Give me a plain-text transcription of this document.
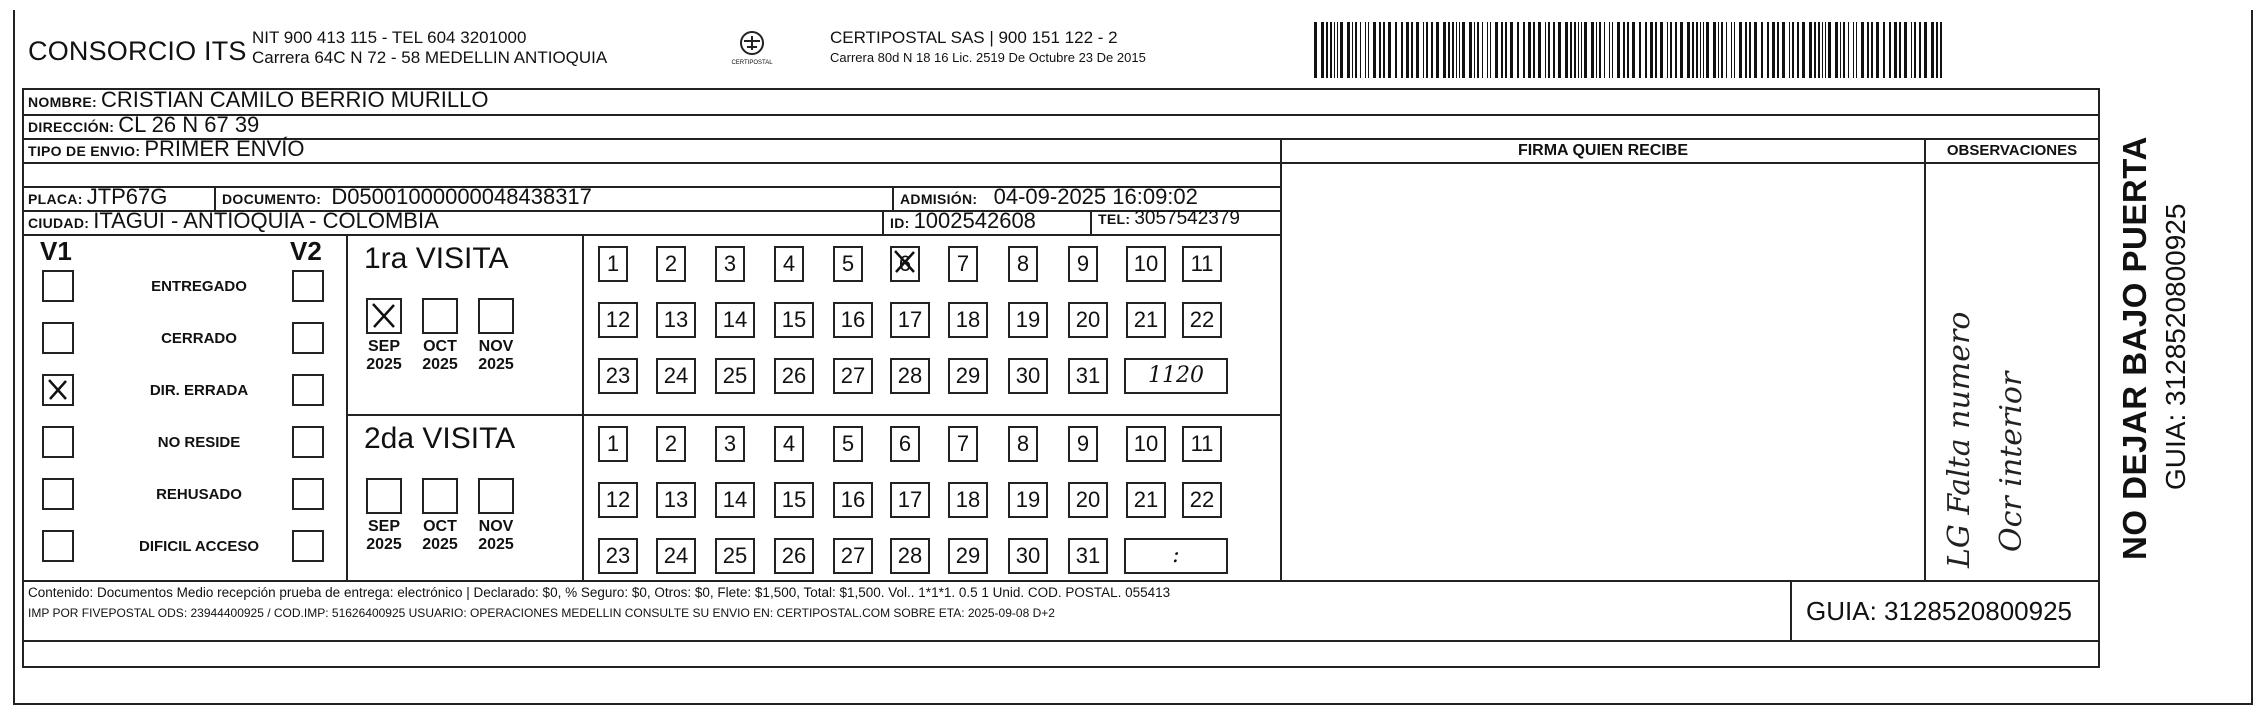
CONSORCIO ITS NIT 900 413 115 - TEL 604 3201000
Carrera 64C N 72 - 58 MEDELLIN ANTIOQUIA	CERTIPOSTAL
CERTIPOSTAL SAS | 900 151 122 - 2
Carrera 80d N 18 16 Lic. 2519 De Octubre 23 De 2015
NOMBRE: CRISTIAN CAMILO BERRIO MURILLO
DIRECCIÓN: CL 26 N 67 39
TIPO DE ENVIO: PRIMER ENVÍO
PLACA: JTP67G	DOCUMENTO: D05001000000048438317	ADMISIÓN: 04-09-2025 16:09:02
CIUDAD: ITAGUI - ANTIOQUIA - COLOMBIA	ID: 1002542608	TEL: 3057542379
FIRMA QUIEN RECIBE	OBSERVACIONES
V1	V2
ENTREGADO
CERRADO
DIR. ERRADA
NO RESIDE
REHUSADO
DIFICIL ACCESO
1ra VISITA
SEP
2025
OCT
2025
NOV
2025
1	2	3	4	5	6	7	8	9	10	11
12	13	14	15	16	17	18	19	20	21	22
23	24	25	26	27	28	29	30	31	1120
2da VISITA
SEP
2025
OCT
2025
NOV
2025
1	2	3	4	5	6	7	8	9	10	11
12	13	14	15	16	17	18	19	20	21	22
23	24	25	26	27	28	29	30	31	:
Contenido: Documentos Medio recepción prueba de entrega: electrónico | Declarado: $0, % Seguro: $0, Otros: $0, Flete: $1,500, Total: $1,500. Vol.. 1*1*1. 0.5 1 Unid. COD. POSTAL. 055413
IMP POR FIVEPOSTAL ODS: 23944400925 / COD.IMP: 51626400925 USUARIO: OPERACIONES MEDELLIN CONSULTE SU ENVIO EN: CERTIPOSTAL.COM SOBRE ETA: 2025-09-08 D+2	GUIA: 3128520800925
LG Falta numero Ocr interior	NO DEJAR BAJO PUERTA GUIA: 3128520800925
